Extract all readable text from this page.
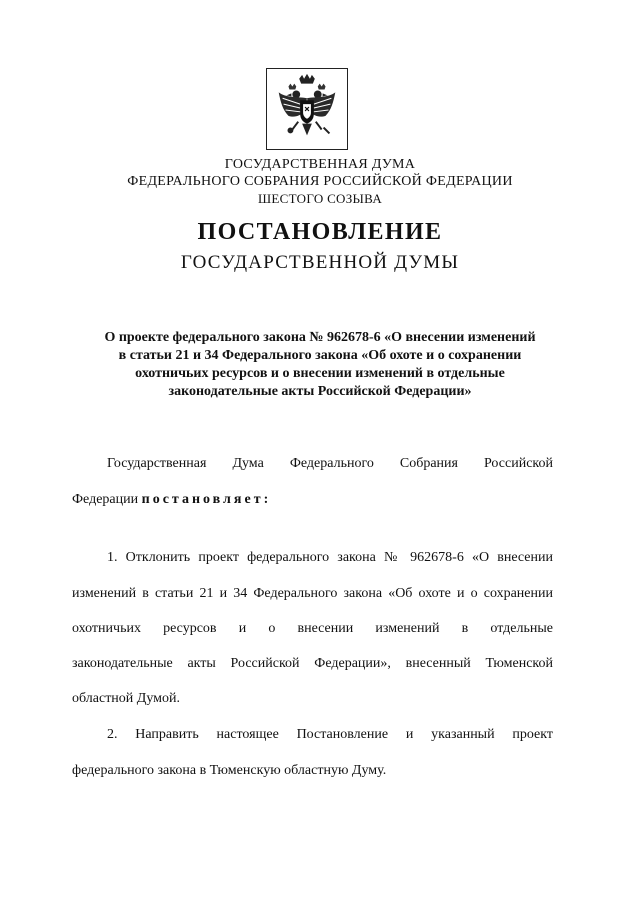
ГОСУДАРСТВЕННАЯ ДУМА
ФЕДЕРАЛЬНОГО СОБРАНИЯ РОССИЙСКОЙ ФЕДЕРАЦИИ
ШЕСТОГО СОЗЫВА
ПОСТАНОВЛЕНИЕ
ГОСУДАРСТВЕННОЙ ДУМЫ
О проекте федерального закона № 962678-6 «О внесении изменений
в статьи 21 и 34 Федерального закона «Об охоте и о сохранении
охотничьих ресурсов и о внесении изменений в отдельные
законодательные акты Российской Федерации»
Государственная Дума Федерального Собрания Российской
Федерации постановляет:
1. Отклонить проект федерального закона № 962678-6 «О внесении
изменений в статьи 21 и 34 Федерального закона «Об охоте и о сохранении
охотничьих ресурсов и о внесении изменений в отдельные
законодательные акты Российской Федерации», внесенный Тюменской
областной Думой.
2. Направить настоящее Постановление и указанный проект
федерального закона в Тюменскую областную Думу.
